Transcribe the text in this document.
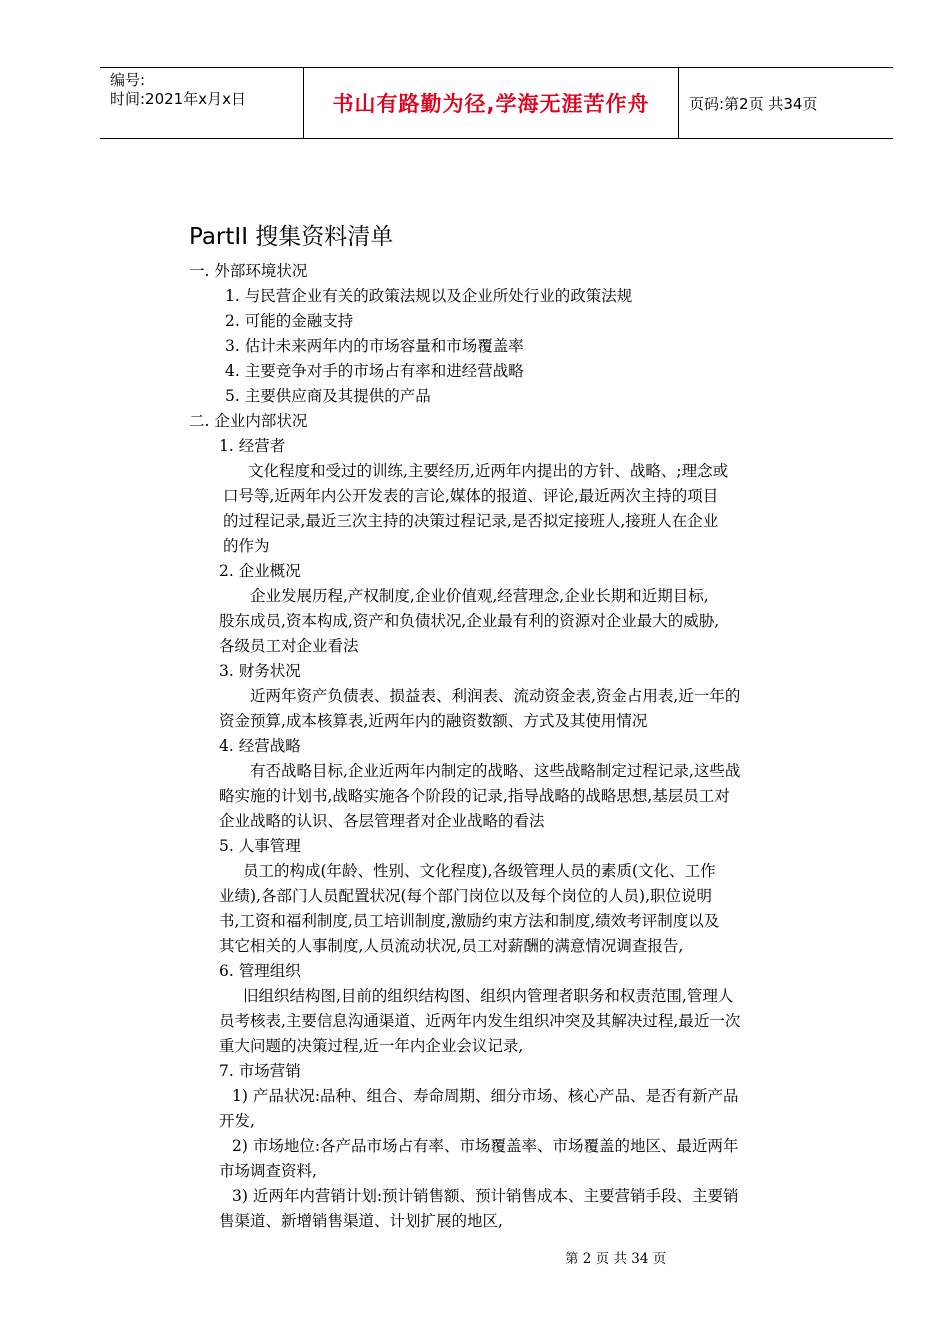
编号:
时间:2021年x月x日	书山有路勤为径,学海无涯苦作舟	页码:第2页 共34页
PartII 搜集资料清单
一. 外部环境状况
1. 与民营企业有关的政策法规以及企业所处行业的政策法规
2. 可能的金融支持
3. 估计未来两年内的市场容量和市场覆盖率
4. 主要竞争对手的市场占有率和进经营战略
5. 主要供应商及其提供的产品
二. 企业内部状况
1. 经营者
文化程度和受过的训练,主要经历,近两年内提出的方针、战略、;理念或
口号等,近两年内公开发表的言论,媒体的报道、评论,最近两次主持的项目
的过程记录,最近三次主持的决策过程记录,是否拟定接班人,接班人在企业
的作为
2. 企业概况
企业发展历程,产权制度,企业价值观,经营理念,企业长期和近期目标,
股东成员,资本构成,资产和负债状况,企业最有利的资源对企业最大的威胁,
各级员工对企业看法
3. 财务状况
近两年资产负债表、损益表、利润表、流动资金表,资金占用表,近一年的
资金预算,成本核算表,近两年内的融资数额、方式及其使用情况
4. 经营战略
有否战略目标,企业近两年内制定的战略、这些战略制定过程记录,这些战
略实施的计划书,战略实施各个阶段的记录,指导战略的战略思想,基层员工对
企业战略的认识、各层管理者对企业战略的看法
5. 人事管理
员工的构成(年龄、性别、文化程度),各级管理人员的素质(文化、工作
业绩),各部门人员配置状况(每个部门岗位以及每个岗位的人员),职位说明
书,工资和福利制度,员工培训制度,激励约束方法和制度,绩效考评制度以及
其它相关的人事制度,人员流动状况,员工对薪酬的满意情况调查报告,
6. 管理组织
旧组织结构图,目前的组织结构图、组织内管理者职务和权责范围,管理人
员考核表,主要信息沟通渠道、近两年内发生组织冲突及其解决过程,最近一次
重大问题的决策过程,近一年内企业会议记录,
7. 市场营销
1) 产品状况:品种、组合、寿命周期、细分市场、核心产品、是否有新产品
开发,
2) 市场地位:各产品市场占有率、市场覆盖率、市场覆盖的地区、最近两年
市场调查资料,
3) 近两年内营销计划:预计销售额、预计销售成本、主要营销手段、主要销
售渠道、新增销售渠道、计划扩展的地区,
第 2 页 共 34 页
